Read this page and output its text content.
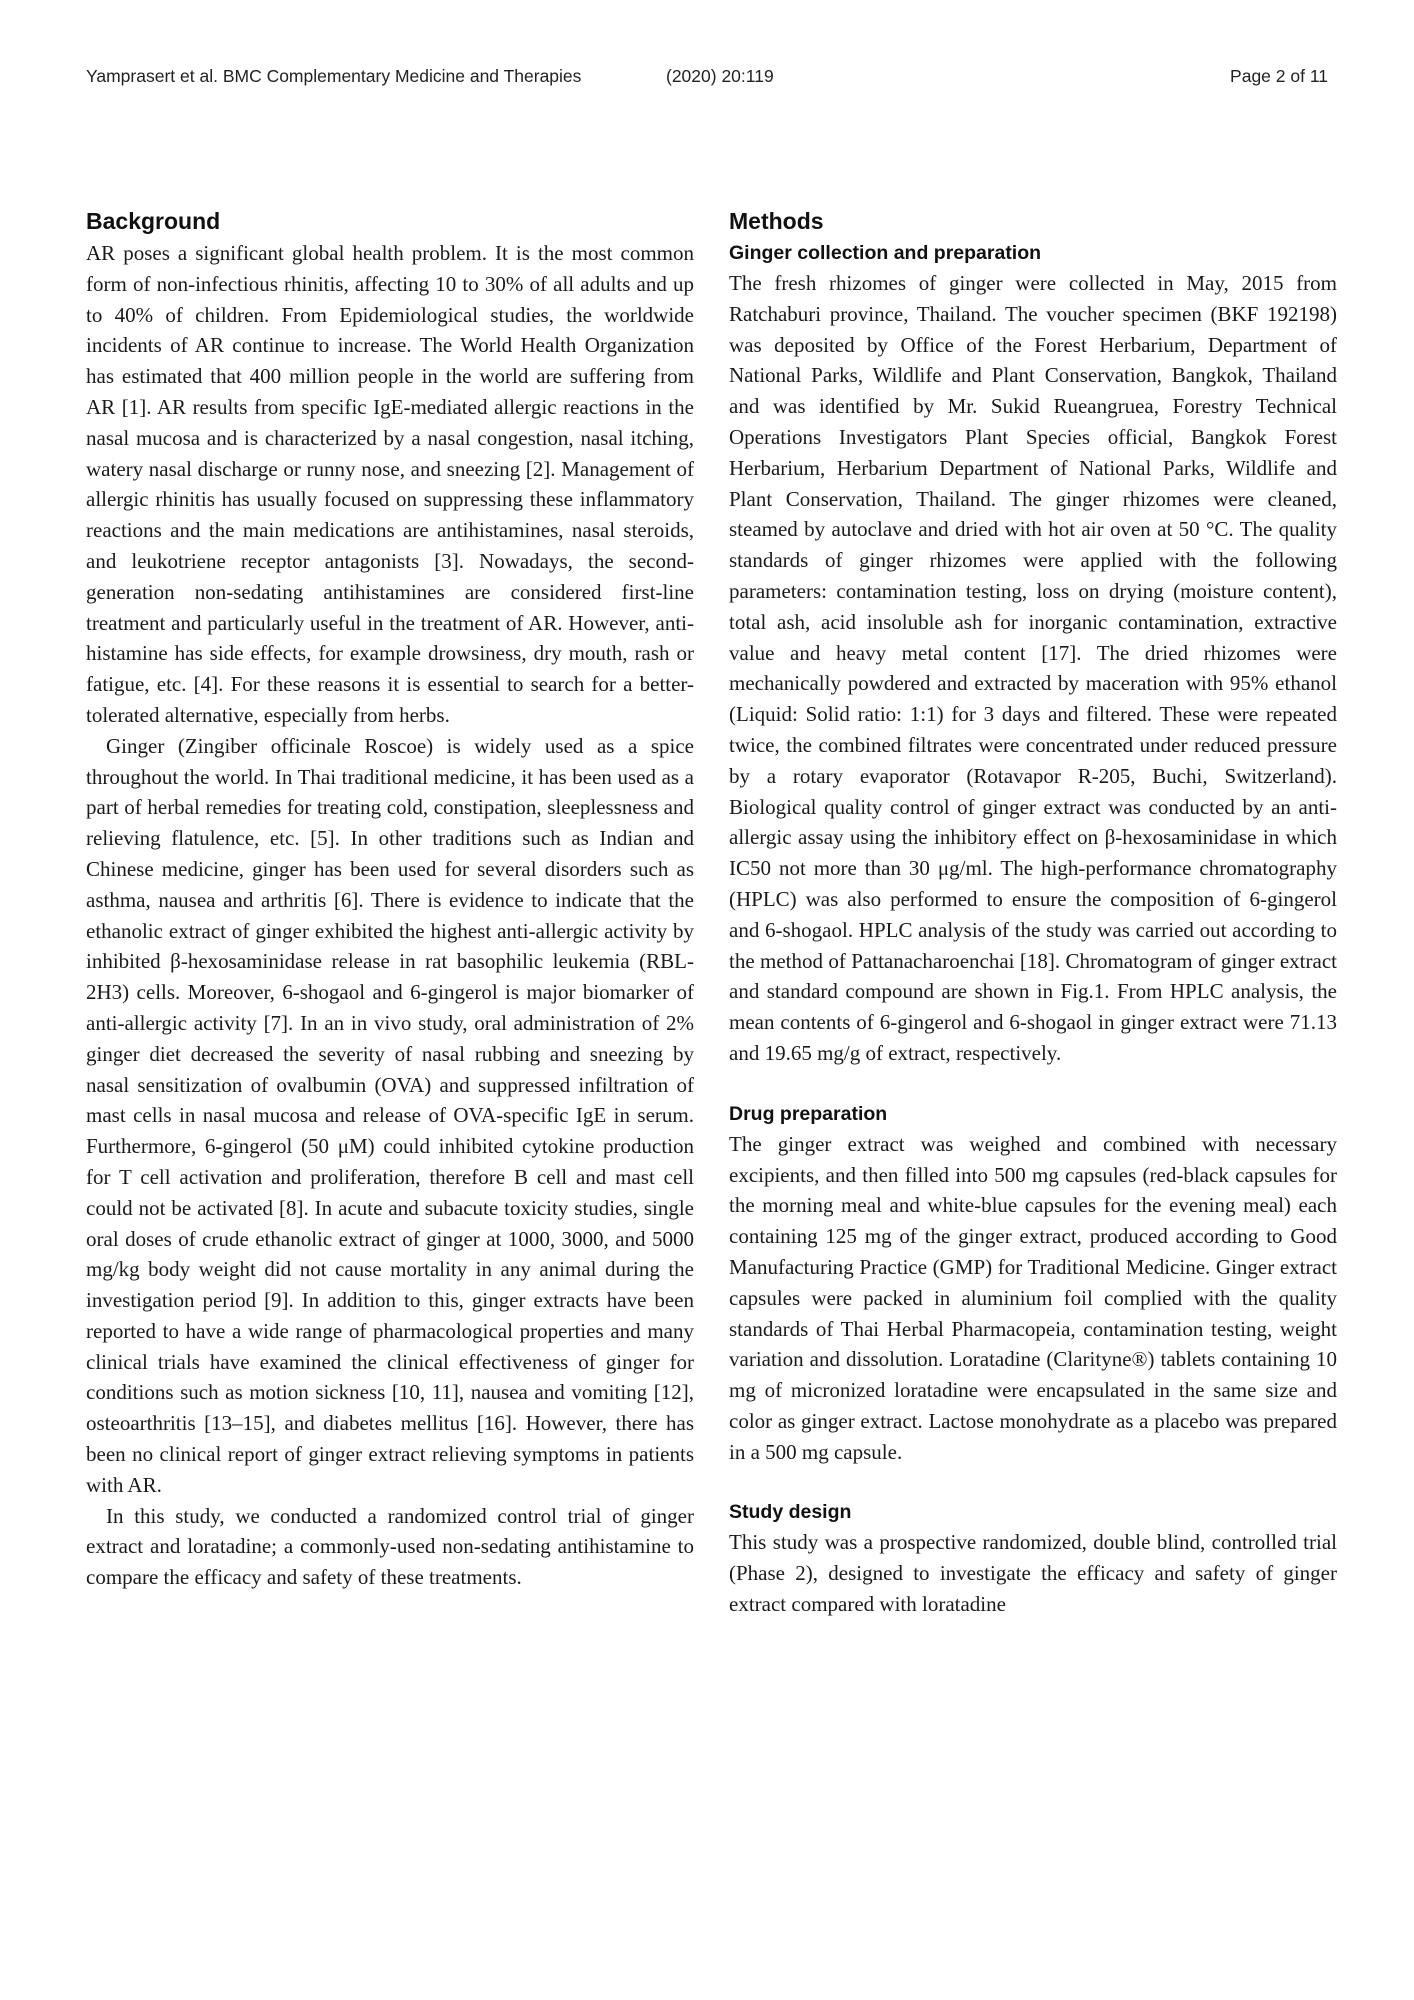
Yamprasert et al. BMC Complementary Medicine and Therapies	(2020) 20:119	Page 2 of 11
Background

AR poses a significant global health problem. It is the most common form of non-infectious rhinitis, affecting 10 to 30% of all adults and up to 40% of children. From Epidemiological studies, the worldwide incidents of AR continue to increase. The World Health Organization has estimated that 400 million people in the world are suffering from AR [1]. AR results from specific IgE-mediated allergic reactions in the nasal mucosa and is characterized by a nasal congestion, nasal itching, watery nasal discharge or runny nose, and sneezing [2]. Management of allergic rhinitis has usually focused on suppressing these inflammatory reactions and the main medications are antihistamines, nasal steroids, and leukotriene receptor antagonists [3]. Nowadays, the second-generation non-sedating antihistamines are considered first-line treatment and particularly useful in the treatment of AR. However, anti-histamine has side effects, for example drowsiness, dry mouth, rash or fatigue, etc. [4]. For these reasons it is essential to search for a better-tolerated alternative, especially from herbs.

Ginger (Zingiber officinale Roscoe) is widely used as a spice throughout the world. In Thai traditional medicine, it has been used as a part of herbal remedies for treating cold, constipation, sleeplessness and relieving flatulence, etc. [5]. In other traditions such as Indian and Chinese medicine, ginger has been used for several disorders such as asthma, nausea and arthritis [6]. There is evidence to indicate that the ethanolic extract of ginger exhibited the highest anti-allergic activity by inhibited β-hexosaminidase release in rat basophilic leukemia (RBL-2H3) cells. Moreover, 6-shogaol and 6-gingerol is major biomarker of anti-allergic activity [7]. In an in vivo study, oral administration of 2% ginger diet decreased the severity of nasal rubbing and sneezing by nasal sensitization of ovalbumin (OVA) and suppressed infiltration of mast cells in nasal mucosa and release of OVA-specific IgE in serum. Furthermore, 6-gingerol (50 μM) could inhibited cytokine production for T cell activation and proliferation, therefore B cell and mast cell could not be activated [8]. In acute and subacute toxicity studies, single oral doses of crude ethanolic extract of ginger at 1000, 3000, and 5000 mg/kg body weight did not cause mortality in any animal during the investigation period [9]. In addition to this, ginger extracts have been reported to have a wide range of pharmacological properties and many clinical trials have examined the clinical effectiveness of ginger for conditions such as motion sickness [10, 11], nausea and vomiting [12], osteoarthritis [13–15], and diabetes mellitus [16]. However, there has been no clinical report of ginger extract relieving symptoms in patients with AR.

In this study, we conducted a randomized control trial of ginger extract and loratadine; a commonly-used non-sedating antihistamine to compare the efficacy and safety of these treatments.

Methods
Ginger collection and preparation

The fresh rhizomes of ginger were collected in May, 2015 from Ratchaburi province, Thailand. The voucher specimen (BKF 192198) was deposited by Office of the Forest Herbarium, Department of National Parks, Wildlife and Plant Conservation, Bangkok, Thailand and was identified by Mr. Sukid Rueangruea, Forestry Technical Operations Investigators Plant Species official, Bangkok Forest Herbarium, Herbarium Department of National Parks, Wildlife and Plant Conservation, Thailand. The ginger rhizomes were cleaned, steamed by autoclave and dried with hot air oven at 50 °C. The quality standards of ginger rhizomes were applied with the following parameters: contamination testing, loss on drying (moisture content), total ash, acid insoluble ash for inorganic contamination, extractive value and heavy metal content [17]. The dried rhizomes were mechanically powdered and extracted by maceration with 95% ethanol (Liquid: Solid ratio: 1:1) for 3 days and filtered. These were repeated twice, the combined filtrates were concentrated under reduced pressure by a rotary evaporator (Rotavapor R-205, Buchi, Switzerland). Biological quality control of ginger extract was conducted by an anti-allergic assay using the inhibitory effect on β-hexosaminidase in which IC50 not more than 30 μg/ml. The high-performance chromatography (HPLC) was also performed to ensure the composition of 6-gingerol and 6-shogaol. HPLC analysis of the study was carried out according to the method of Pattanacharoenchai [18]. Chromatogram of ginger extract and standard compound are shown in Fig.1. From HPLC analysis, the mean contents of 6-gingerol and 6-shogaol in ginger extract were 71.13 and 19.65 mg/g of extract, respectively.

Drug preparation

The ginger extract was weighed and combined with necessary excipients, and then filled into 500 mg capsules (red-black capsules for the morning meal and white-blue capsules for the evening meal) each containing 125 mg of the ginger extract, produced according to Good Manufacturing Practice (GMP) for Traditional Medicine. Ginger extract capsules were packed in aluminium foil complied with the quality standards of Thai Herbal Pharmacopeia, contamination testing, weight variation and dissolution. Loratadine (Clarityne®) tablets containing 10 mg of micronized loratadine were encapsulated in the same size and color as ginger extract. Lactose monohydrate as a placebo was prepared in a 500 mg capsule.

Study design

This study was a prospective randomized, double blind, controlled trial (Phase 2), designed to investigate the efficacy and safety of ginger extract compared with loratadine
